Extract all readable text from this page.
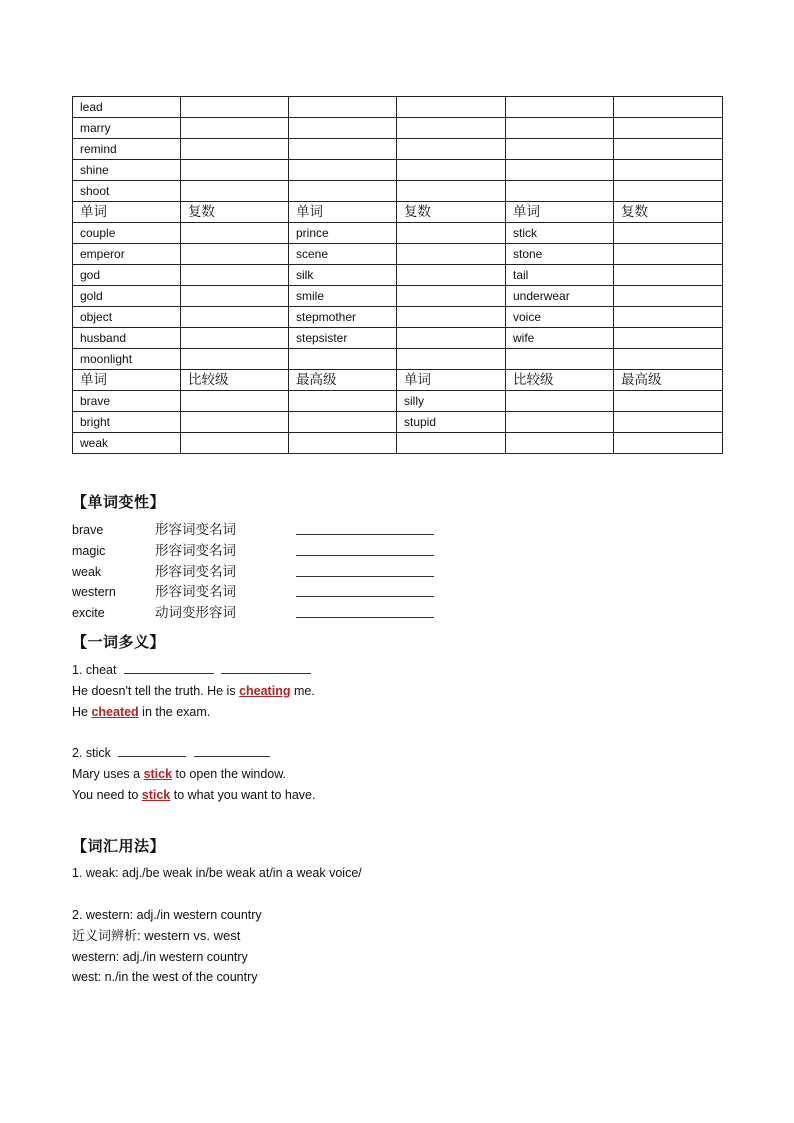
lead					
marry					
remind					
shine					
shoot					
单词	复数	单词	复数	单词	复数
couple		prince		stick	
emperor		scene		stone	
god		silk		tail	
gold		smile		underwear	
object		stepmother		voice	
husband		stepsister		wife	
moonlight					
单词	比较级	最高级	单词	比较级	最高级
brave			silly		
bright			stupid		
weak					
【单词变性】
brave	形容词变名词
magic	形容词变名词
weak	形容词变名词
western	形容词变名词
excite	动词变形容词
【一词多义】
1. cheat
He doesn't tell the truth. He is cheating me.
He cheated in the exam.
2. stick
Mary uses a stick to open the window.
You need to stick to what you want to have.
【词汇用法】
1. weak: adj./be weak in/be weak at/in a weak voice/
2. western: adj./in western country
近义词辨析: western vs. west
western: adj./in western country
west: n./in the west of the country
